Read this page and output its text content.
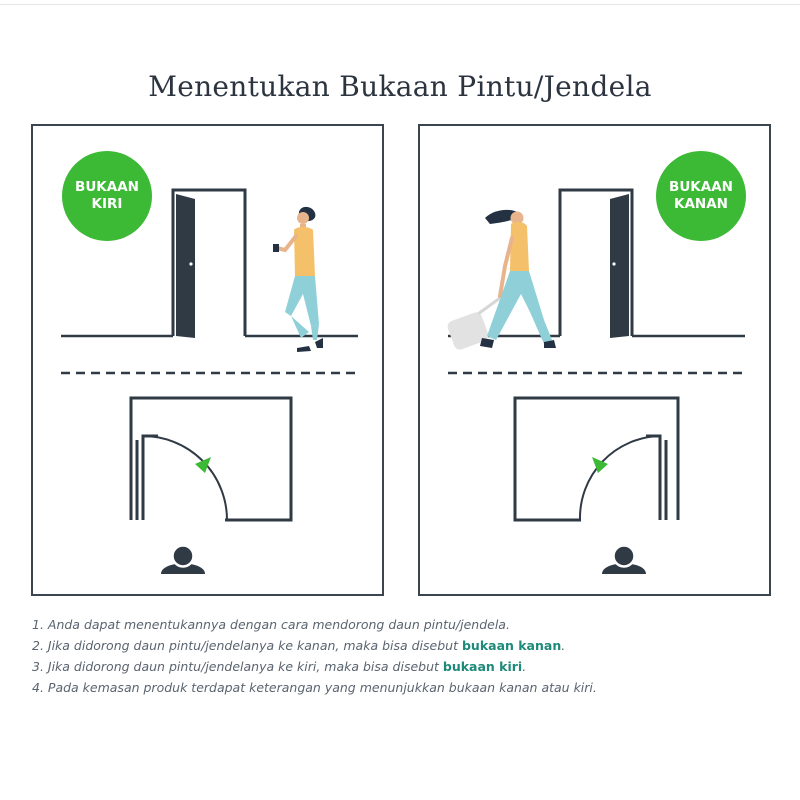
Menentukan Bukaan Pintu/Jendela
BUKAAN
KIRI
BUKAAN
KANAN
1. Anda dapat menentukannya dengan cara mendorong daun pintu/jendela.
2. Jika didorong daun pintu/jendelanya ke kanan, maka bisa disebut bukaan kanan.
3. Jika didorong daun pintu/jendelanya ke kiri, maka bisa disebut bukaan kiri.
4. Pada kemasan produk terdapat keterangan yang menunjukkan bukaan kanan atau kiri.
